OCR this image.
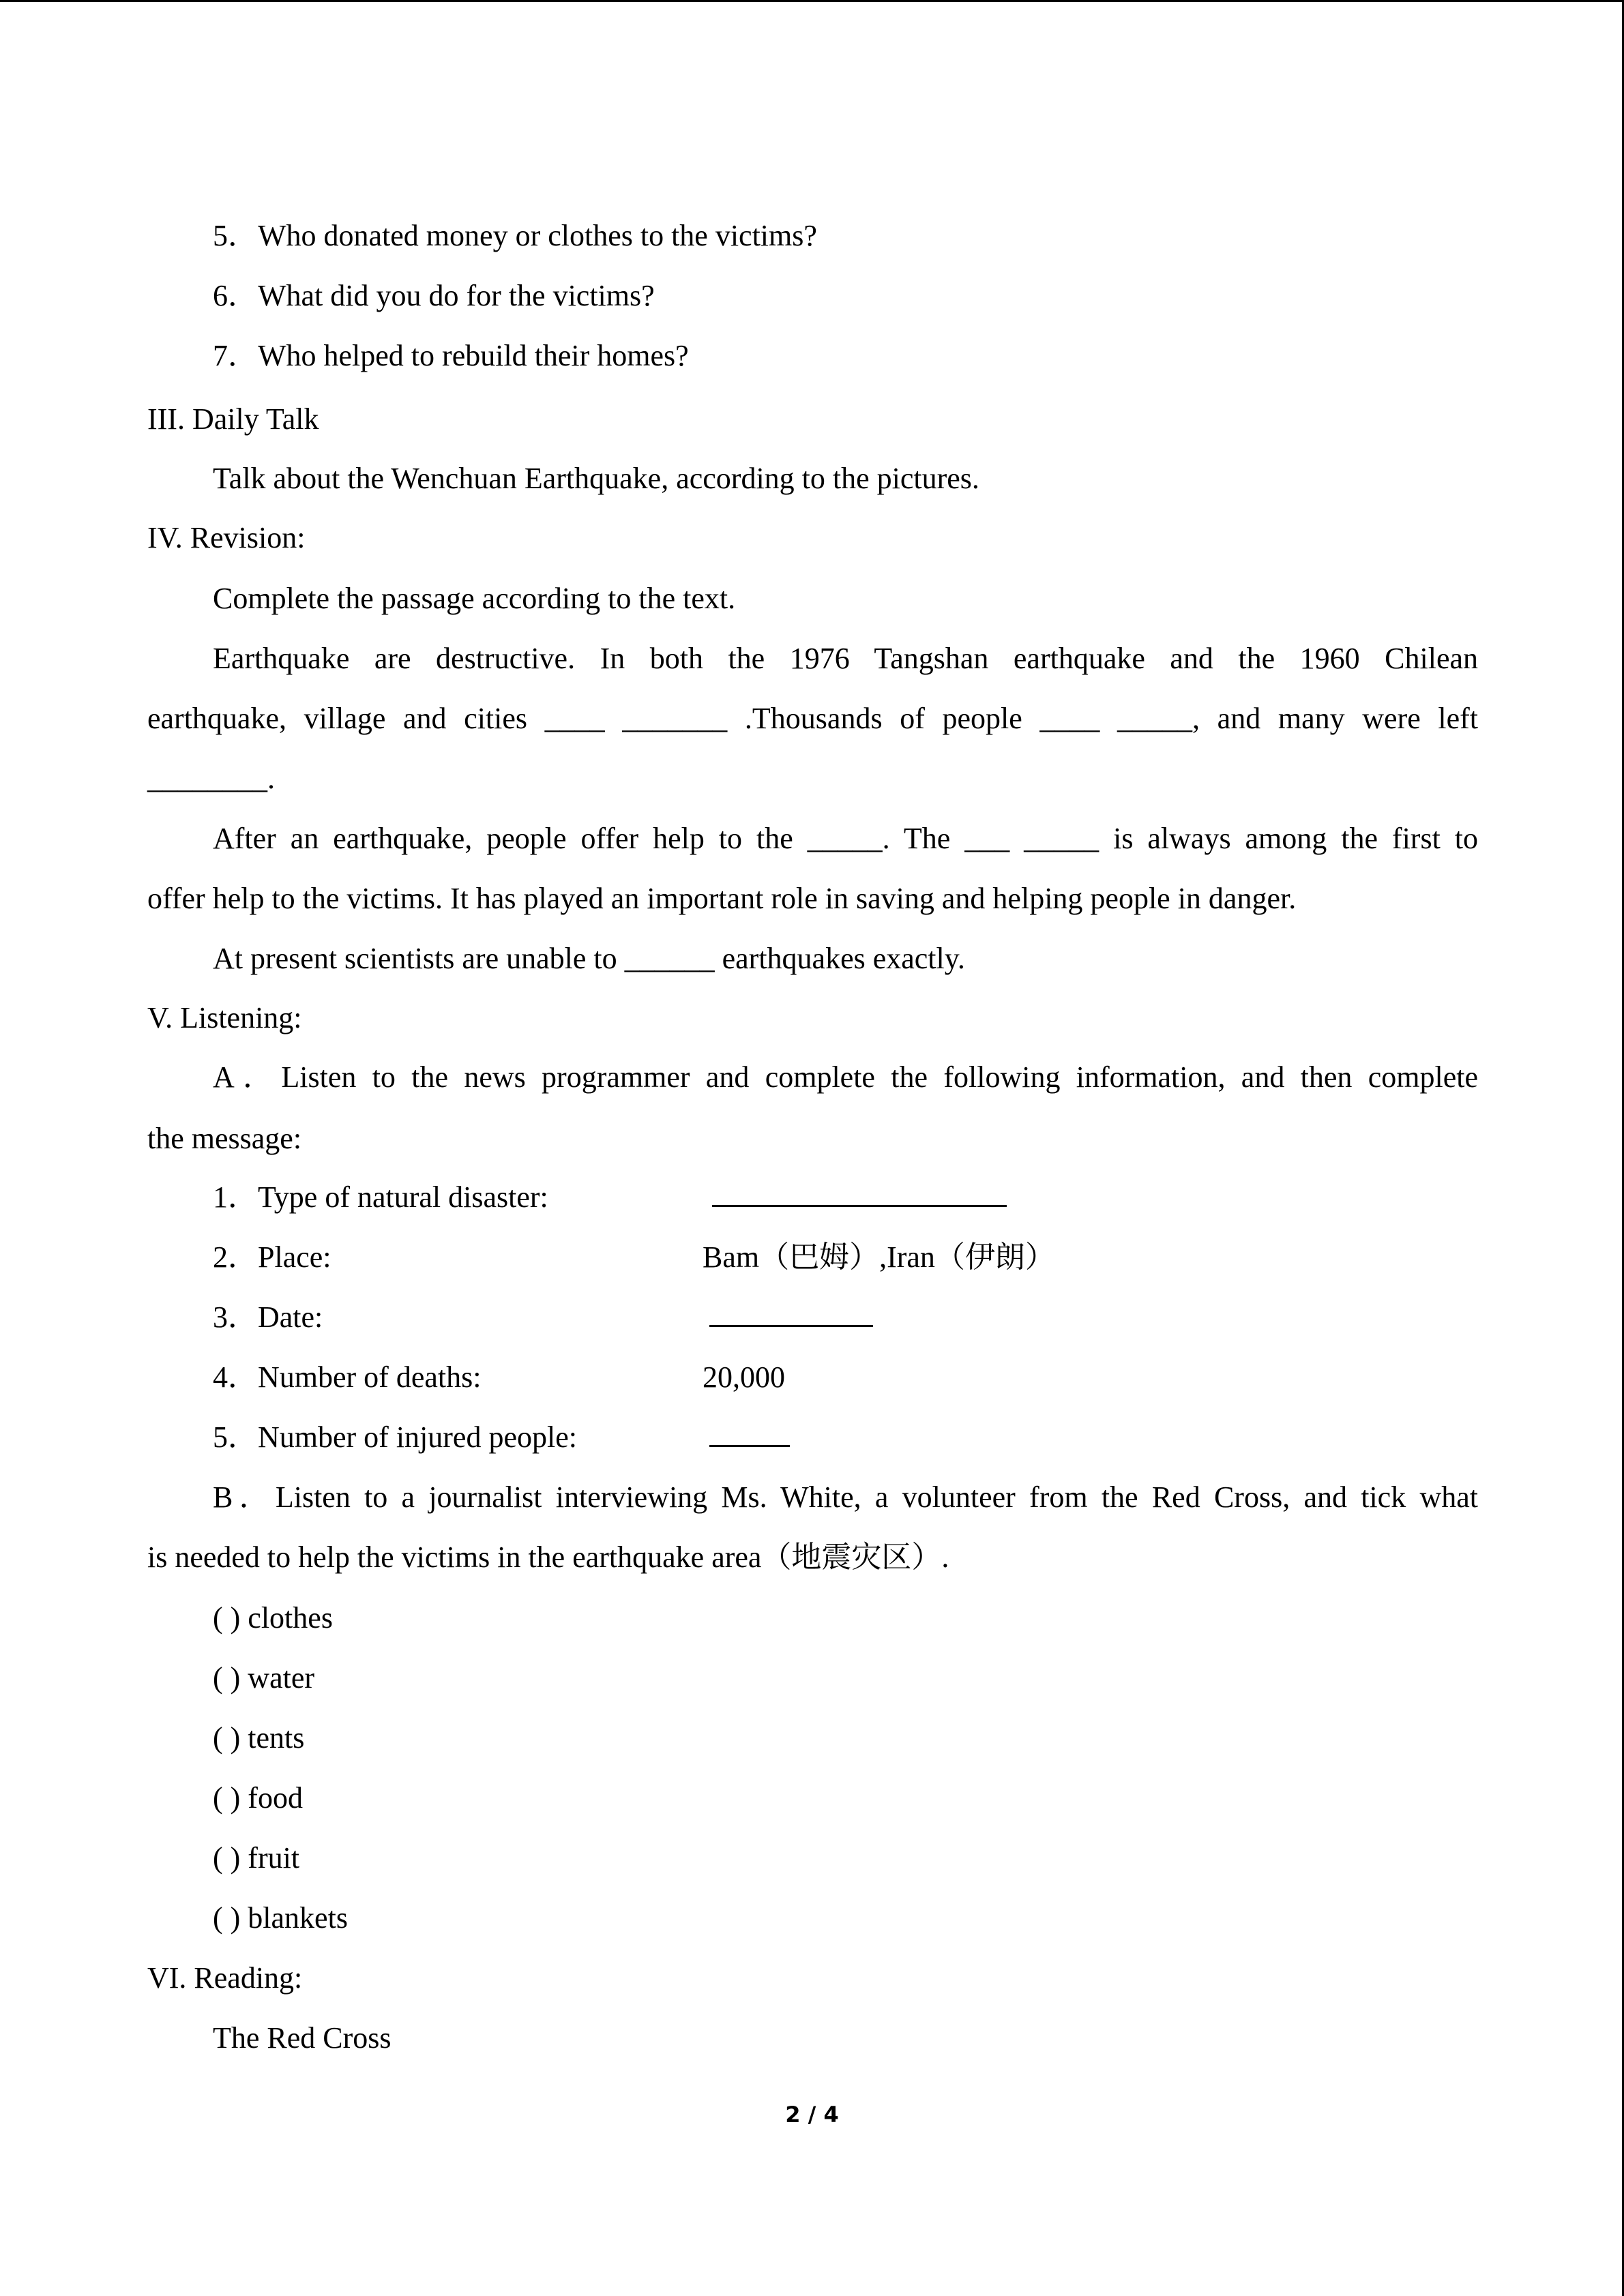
5．Who donated money or clothes to the victims?
6．What did you do for the victims?
7．Who helped to rebuild their homes?
III. Daily Talk
Talk about the Wenchuan Earthquake, according to the pictures.
IV. Revision:
Complete the passage according to the text.
Earthquake are destructive. In both the 1976 Tangshan earthquake and the 1960 Chilean
earthquake, village and cities ____ _______ .Thousands of people ____ _____, and many were left
________.
After an earthquake, people offer help to the _____. The ___ _____ is always among the first to
offer help to the victims. It has played an important role in saving and helping people in danger.
At present scientists are unable to ______ earthquakes exactly.
V. Listening:
A．Listen to the news programmer and complete the following information, and then complete
the message:
1．Type of natural disaster:
2．Place:	Bam（巴姆）,Iran（伊朗）
3．Date:
4．Number of deaths:	20,000
5．Number of injured people:
B．Listen to a journalist interviewing Ms. White, a volunteer from the Red Cross, and tick what
is needed to help the victims in the earthquake area（地震灾区）.
( ) clothes
( ) water
( ) tents
( ) food
( ) fruit
( ) blankets
VI. Reading:
The Red Cross
2 / 4
